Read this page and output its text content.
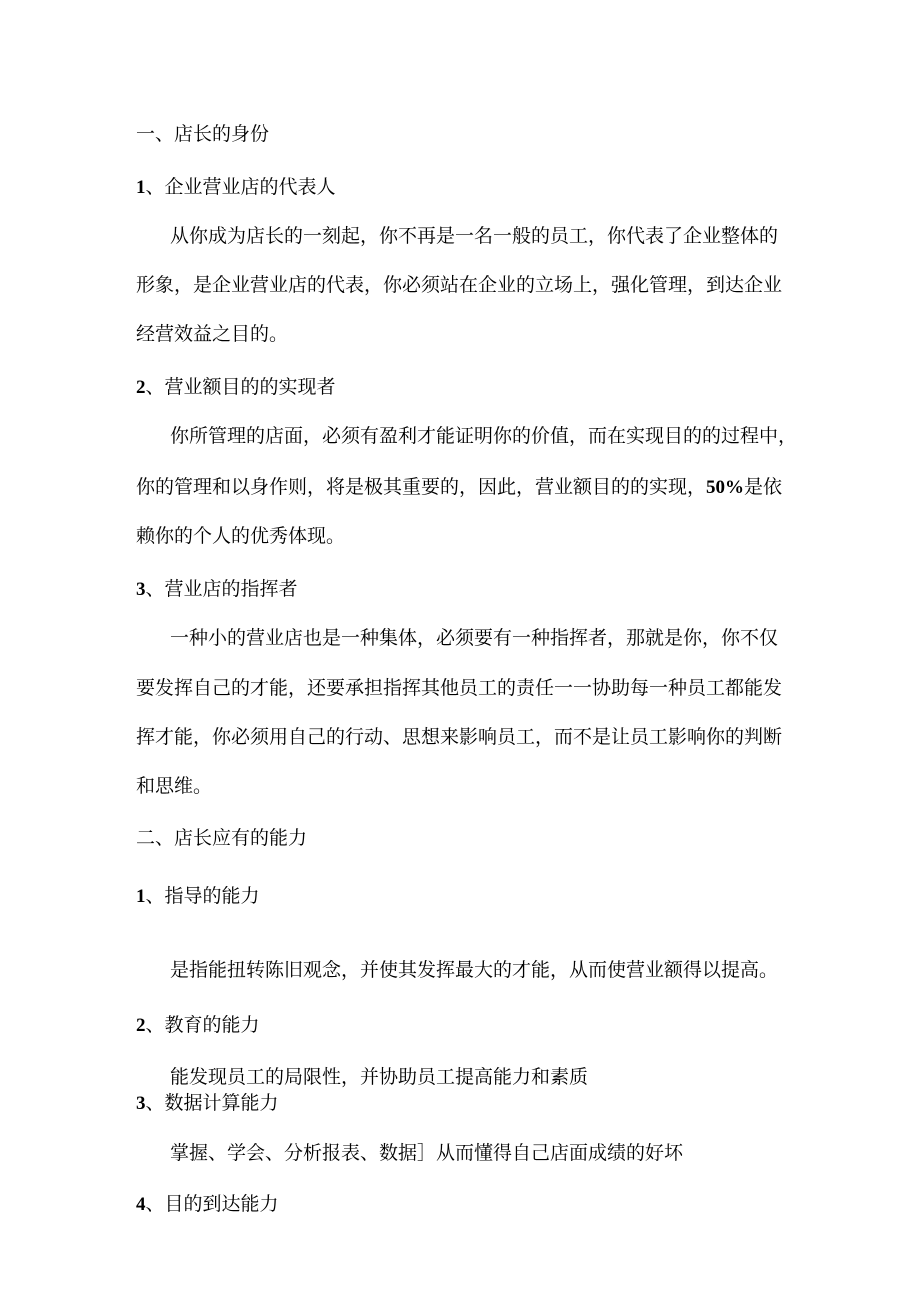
一、店长的身份
1、企业营业店的代表人

从你成为店长的一刻起，你不再是一名一般的员工，你代表了企业整体的

形象，是企业营业店的代表，你必须站在企业的立场上，强化管理，到达企业

经营效益之目的。

2、营业额目的的实现者

你所管理的店面，必须有盈利才能证明你的价值，而在实现目的的过程中，

你的管理和以身作则，将是极其重要的，因此，营业额目的的实现，50%是依

赖你的个人的优秀体现。

3、营业店的指挥者

一种小的营业店也是一种集体，必须要有一种指挥者，那就是你，你不仅

要发挥自己的才能，还要承担指挥其他员工的责任一一协助每一种员工都能发

挥才能，你必须用自己的行动、思想来影响员工，而不是让员工影响你的判断

和思维。

二、店长应有的能力
1、指导的能力

是指能扭转陈旧观念，并使其发挥最大的才能，从而使营业额得以提高。

2、教育的能力

能发现员工的局限性，并协助员工提高能力和素质

3、数据计算能力

掌握、学会、分析报表、数据］从而懂得自己店面成绩的好坏

4、目的到达能力
